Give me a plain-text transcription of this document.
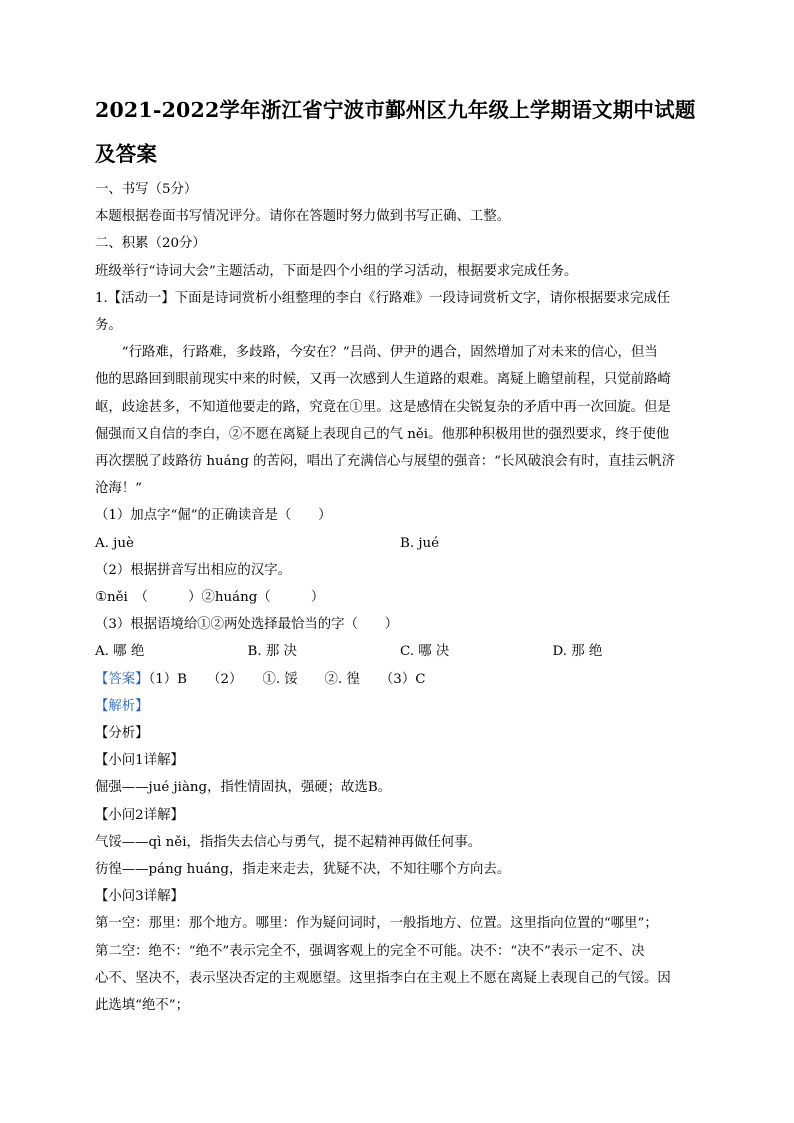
2021-2022学年浙江省宁波市鄞州区九年级上学期语文期中试题

及答案

一、书写（5分）

本题根据卷面书写情况评分。请你在答题时努力做到书写正确、工整。

二、积累（20分）

班级举行“诗词大会”主题活动，下面是四个小组的学习活动，根据要求完成任务。

1.【活动一】下面是诗词赏析小组整理的李白《行路难》一段诗词赏析文字，请你根据要求完成任

务。

“行路难，行路难，多歧路，今安在？”吕尚、伊尹的遇合，固然增加了对未来的信心，但当

他的思路回到眼前现实中来的时候，又再一次感到人生道路的艰难。离疑上瞻望前程，只觉前路崎

岖，歧途甚多，不知道他要走的路，究竟在①里。这是感情在尖锐复杂的矛盾中再一次回旋。但是

倔强而又自信的李白，②不愿在离疑上表现自己的气 něi。他那种积极用世的强烈要求，终于使他

再次摆脱了歧路彷 huáng 的苦闷，唱出了充满信心与展望的强音：“长风破浪会有时，直挂云帆济

沧海！”

（1）加点字“倔”的正确读音是（　　）

A. juè	B. jué

（2）根据拼音写出相应的汉字。

①něi　（　　　）②huáng（　　　）

（3）根据语境给①②两处选择最恰当的字（　　）

A. 哪 绝	B. 那 决	C. 哪 决	D. 那 绝

【答案】（1）B　　（2）　　①. 馁　　②. 徨　　（3）C

【解析】

【分析】

【小问1详解】

倔强——jué jiàng，指性情固执，强硬；故选B。

【小问2详解】

气馁——qì něi，指指失去信心与勇气，提不起精神再做任何事。

彷徨——páng huáng，指走来走去，犹疑不决，不知往哪个方向去。

【小问3详解】

第一空：那里：那个地方。哪里：作为疑问词时，一般指地方、位置。这里指向位置的“哪里”；

第二空：绝不：“绝不”表示完全不，强调客观上的完全不可能。决不：“决不”表示一定不、决

心不、坚决不，表示坚决否定的主观愿望。这里指李白在主观上不愿在离疑上表现自己的气馁。因

此选填“绝不”；
